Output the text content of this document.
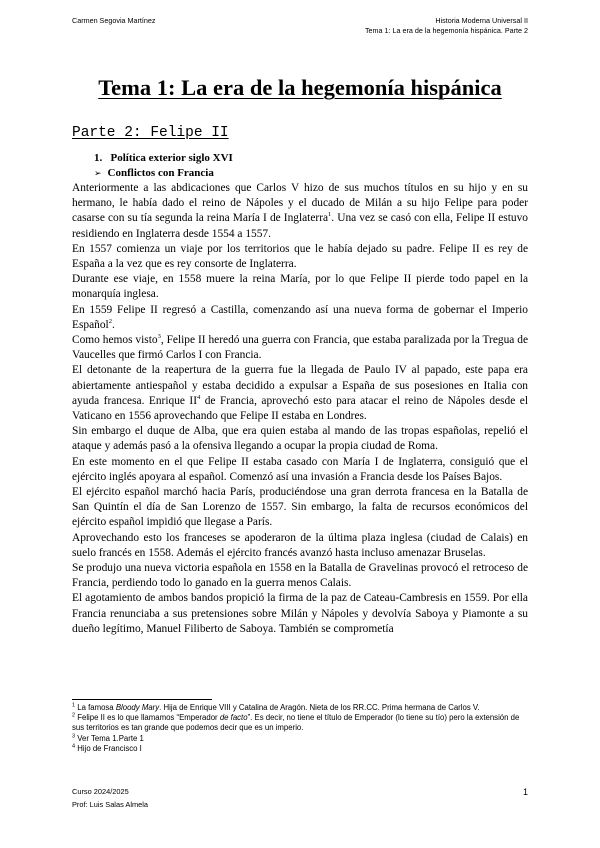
Carmen Segovia Martínez	Historia Moderna Universal II
Tema 1: La era de la hegemonía hispánica. Parte 2
Tema 1: La era de la hegemonía hispánica
Parte 2: Felipe II
1.   Política exterior siglo XVI
➢ Conflictos con Francia

Anteriormente a las abdicaciones que Carlos V hizo de sus muchos títulos en su hijo y en su hermano, le había dado el reino de Nápoles y el ducado de Milán a su hijo Felipe para poder casarse con su tía segunda la reina María I de Inglaterra$^1$. Una vez se casó con ella, Felipe II estuvo residiendo en Inglaterra desde 1554 a 1557.

En 1557 comienza un viaje por los territorios que le había dejado su padre. Felipe II es rey de España a la vez que es rey consorte de Inglaterra.

Durante ese viaje, en 1558 muere la reina María, por lo que Felipe II pierde todo papel en la monarquía inglesa.

En 1559 Felipe II regresó a Castilla, comenzando así una nueva forma de gobernar el Imperio Español$^2$.

Como hemos visto$^3$, Felipe II heredó una guerra con Francia, que estaba paralizada por la Tregua de Vaucelles que firmó Carlos I con Francia.

El detonante de la reapertura de la guerra fue la llegada de Paulo IV al papado, este papa era abiertamente antiespañol y estaba decidido a expulsar a España de sus posesiones en Italia con ayuda francesa. Enrique $II^4$ de Francia, aprovechó esto para atacar el reino de Nápoles desde el Vaticano en 1556 aprovechando que Felipe II estaba en Londres.

Sin embargo el duque de Alba, que era quien estaba al mando de las tropas españolas, repelió el ataque y además pasó a la ofensiva llegando a ocupar la propia ciudad de Roma.

En este momento en el que Felipe II estaba casado con María I de Inglaterra, consiguió que el ejército inglés apoyara al español. Comenzó así una invasión a Francia desde los Países Bajos.

El ejército español marchó hacia París, produciéndose una gran derrota francesa en la Batalla de San Quintín el día de San Lorenzo de 1557. Sin embargo, la falta de recursos económicos del ejército español impidió que llegase a París.

Aprovechando esto los franceses se apoderaron de la última plaza inglesa (ciudad de Calais) en suelo francés en 1558. Además el ejército francés avanzó hasta incluso amenazar Bruselas.

Se produjo una nueva victoria española en 1558 en la Batalla de Gravelinas provocó el retroceso de Francia, perdiendo todo lo ganado en la guerra menos Calais.

El agotamiento de ambos bandos propició la firma de la paz de Cateau-Cambresis en 1559. Por ella Francia renunciaba a sus pretensiones sobre Milán y Nápoles y devolvía Saboya y Piamonte a su dueño legítimo, Manuel Filiberto de Saboya. También se comprometía

$^1$ La famosa Bloody Mary. Hija de Enrique VIII y Catalina de Aragón. Nieta de los RR.CC. Prima hermana de Carlos V.

$^2$ Felipe II es lo que llamamos “Emperador de facto”. Es decir, no tiene el título de Emperador (lo tiene su tío) pero la extensión de sus territorios es tan grande que podemos decir que es un imperio.

$^3$ Ver Tema 1.Parte 1

$^4$ Hijo de Francisco I

Curso 2024/2025
Prof: Luis Salas Almela
1
